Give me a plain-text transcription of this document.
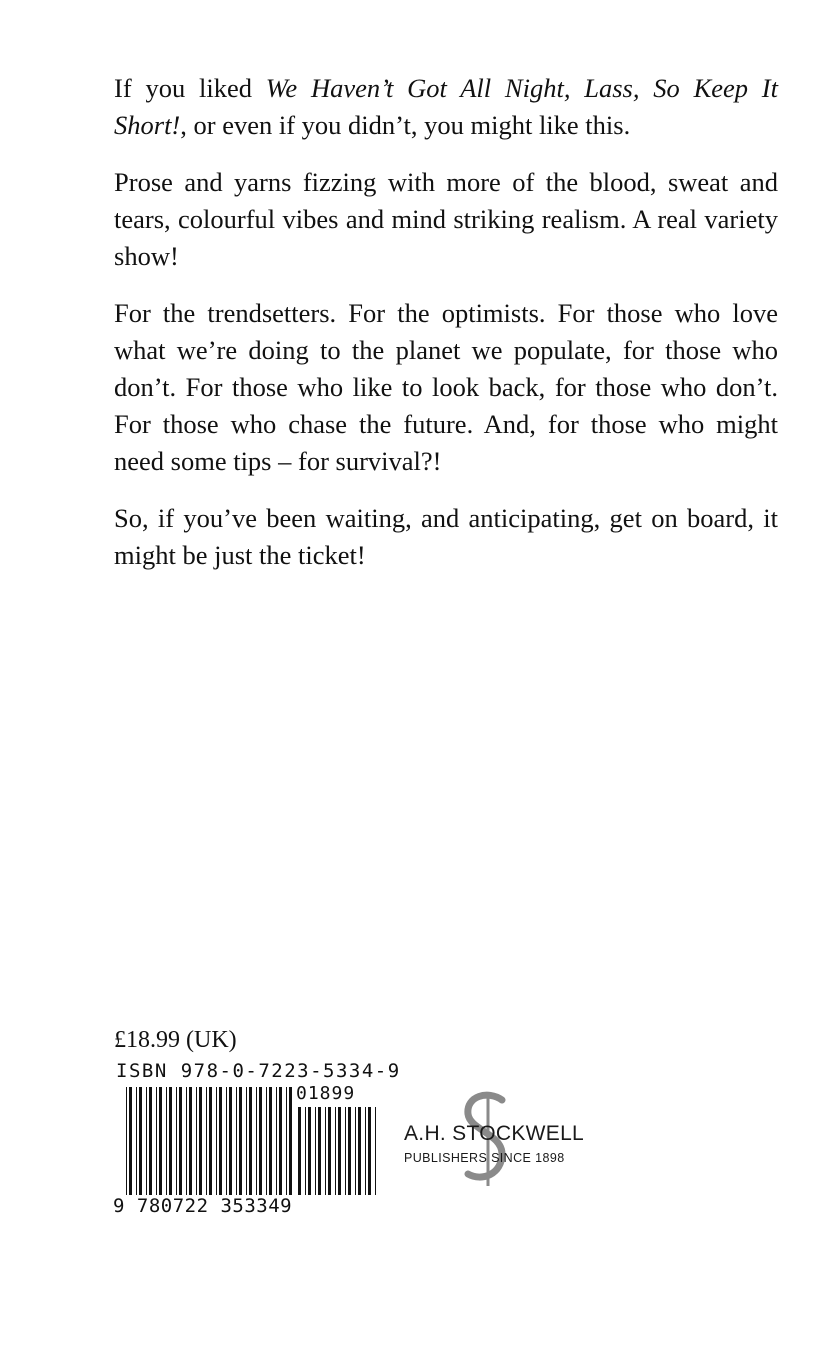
If you liked We Haven’t Got All Night, Lass, So Keep It Short!, or even if you didn’t, you might like this.

Prose and yarns fizzing with more of the blood, sweat and tears, colourful vibes and mind striking realism. A real variety show!

For the trendsetters. For the optimists. For those who love what we’re doing to the planet we populate, for those who don’t. For those who like to look back, for those who don’t. For those who chase the future. And, for those who might need some tips – for survival?!

So, if you’ve been waiting, and anticipating, get on board, it might be just the ticket!

£18.99 (UK)
ISBN 978-0-7223-5334-9
01899
9 780722 353349
A.H. STOCKWELL
PUBLISHERS SINCE 1898
